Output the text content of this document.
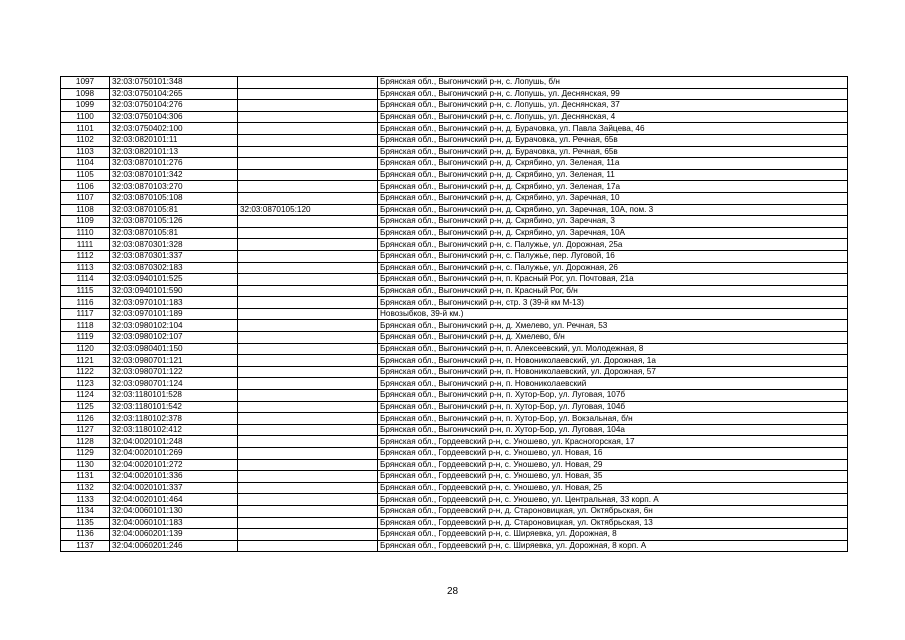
1097	32:03:0750101:348		Брянская обл., Выгоничский р-н, с. Лопушь, б/н
1098	32:03:0750104:265		Брянская обл., Выгоничский р-н, с. Лопушь, ул. Деснянская, 99
1099	32:03:0750104:276		Брянская обл., Выгоничский р-н, с. Лопушь, ул. Деснянская, 37
1100	32:03:0750104:306		Брянская обл., Выгоничский р-н, с. Лопушь, ул. Деснянская, 4
1101	32:03:0750402:100		Брянская обл., Выгоничский р-н, д. Бурачовка, ул. Павла Зайцева, 46
1102	32:03:0820101:11		Брянская обл., Выгоничский р-н, д. Бурачовка, ул. Речная, 65в
1103	32:03:0820101:13		Брянская обл., Выгоничский р-н, д. Бурачовка, ул. Речная, 65в
1104	32:03:0870101:276		Брянская обл., Выгоничский р-н, д. Скрябино, ул. Зеленая, 11а
1105	32:03:0870101:342		Брянская обл., Выгоничский р-н, д. Скрябино, ул. Зеленая, 11
1106	32:03:0870103:270		Брянская обл., Выгоничский р-н, д. Скрябино, ул. Зеленая, 17а
1107	32:03:0870105:108		Брянская обл., Выгоничский р-н, д. Скрябино, ул. Заречная, 10
1108	32:03:0870105:81	32:03:0870105:120	Брянская обл., Выгоничский р-н, д. Скрябино, ул. Заречная, 10А, пом. 3
1109	32:03:0870105:126		Брянская обл., Выгоничский р-н, д. Скрябино, ул. Заречная, 3
1110	32:03:0870105:81		Брянская обл., Выгоничский р-н, д. Скрябино, ул. Заречная, 10А
1111	32:03:0870301:328		Брянская обл., Выгоничский р-н, с. Палужье, ул. Дорожная, 25а
1112	32:03:0870301:337		Брянская обл., Выгоничский р-н, с. Палужье, пер. Луговой, 16
1113	32:03:0870302:183		Брянская обл., Выгоничский р-н, с. Палужье, ул. Дорожная, 26
1114	32:03:0940101:525		Брянская обл., Выгоничский р-н, п. Красный Рог, ул. Почтовая, 21а
1115	32:03:0940101:590		Брянская обл., Выгоничский р-н, п. Красный Рог, б/н
1116	32:03:0970101:183		Брянская обл., Выгоничский р-н, стр. 3 (39-й км М-13)
1117	32:03:0970101:189		Новозыбков, 39-й км.)
1118	32:03:0980102:104		Брянская обл., Выгоничский р-н, д. Хмелево, ул. Речная, 53
1119	32:03:0980102:107		Брянская обл., Выгоничский р-н, д. Хмелево, б/н
1120	32:03:0980401:150		Брянская обл., Выгоничский р-н, п. Алексеевский, ул. Молодежная, 8
1121	32:03:0980701:121		Брянская обл., Выгоничский р-н, п. Новониколаевский, ул. Дорожная, 1а
1122	32:03:0980701:122		Брянская обл., Выгоничский р-н, п. Новониколаевский, ул. Дорожная, 57
1123	32:03:0980701:124		Брянская обл., Выгоничский р-н, п. Новониколаевский
1124	32:03:1180101:528		Брянская обл., Выгоничский р-н, п. Хутор-Бор, ул. Луговая, 107б
1125	32:03:1180101:542		Брянская обл., Выгоничский р-н, п. Хутор-Бор, ул. Луговая, 104б
1126	32:03:1180102:378		Брянская обл., Выгоничский р-н, п. Хутор-Бор, ул. Вокзальная, б/н
1127	32:03:1180102:412		Брянская обл., Выгоничский р-н, п. Хутор-Бор, ул. Луговая, 104а
1128	32:04:0020101:248		Брянская обл., Гордеевский р-н, с. Уношево, ул. Красногорская, 17
1129	32:04:0020101:269		Брянская обл., Гордеевский р-н, с. Уношево, ул. Новая, 16
1130	32:04:0020101:272		Брянская обл., Гордеевский р-н, с. Уношево, ул. Новая, 29
1131	32:04:0020101:336		Брянская обл., Гордеевский р-н, с. Уношево, ул. Новая, 35
1132	32:04:0020101:337		Брянская обл., Гордеевский р-н, с. Уношево, ул. Новая, 25
1133	32:04:0020101:464		Брянская обл., Гордеевский р-н, с. Уношево, ул. Центральная, 33 корп. А
1134	32:04:0060101:130		Брянская обл., Гордеевский р-н, д. Староновицкая, ул. Октябрьская, 6н
1135	32:04:0060101:183		Брянская обл., Гордеевский р-н, д. Староновицкая, ул. Октябрьская, 13
1136	32:04:0060201:139		Брянская обл., Гордеевский р-н, с. Ширяевка, ул. Дорожная, 8
1137	32:04:0060201:246		Брянская обл., Гордеевский р-н, с. Ширяевка, ул. Дорожная, 8 корп. А
28
